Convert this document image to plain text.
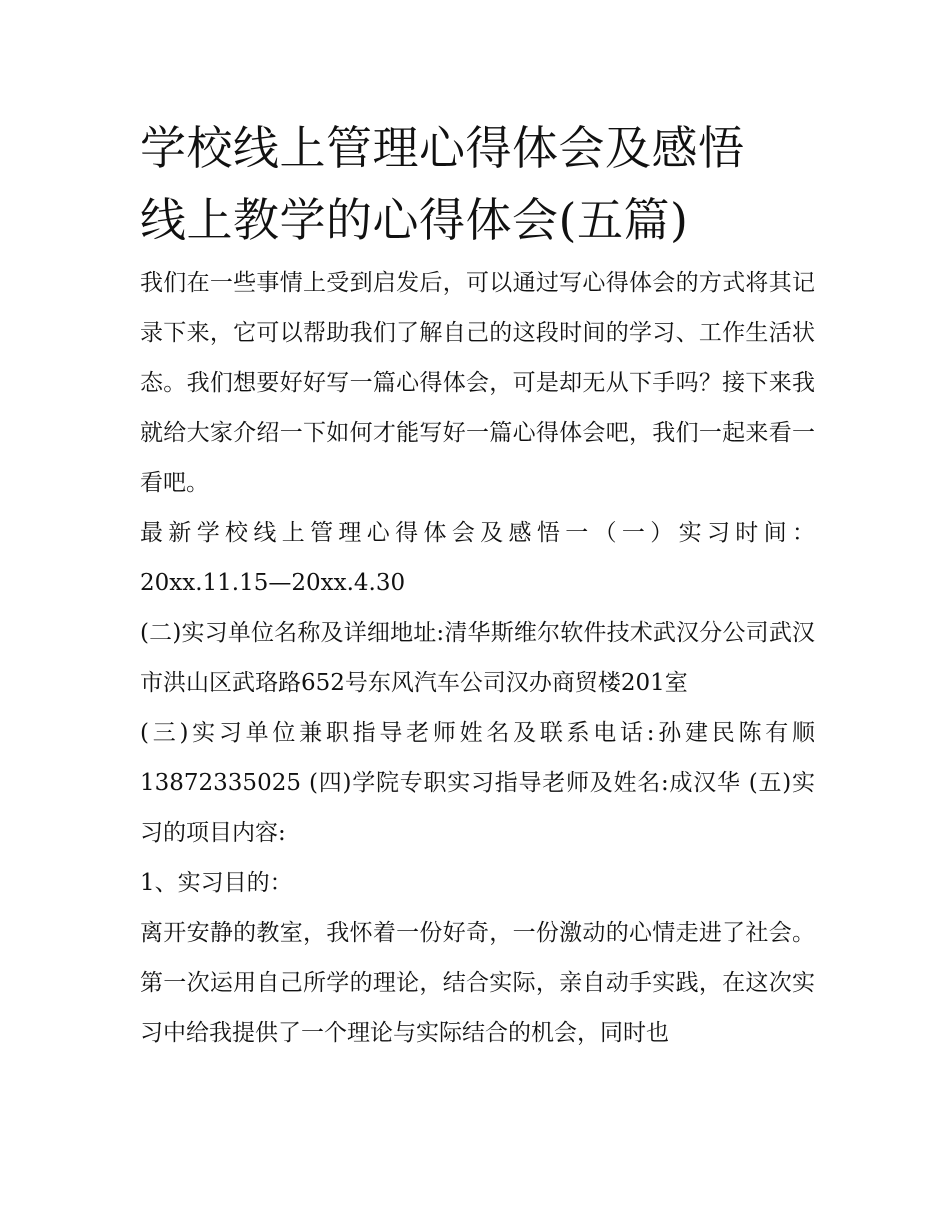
学校线上管理心得体会及感悟
线上教学的心得体会(五篇)

我们在一些事情上受到启发后，可以通过写心得体会的方式将其记录下来，它可以帮助我们了解自己的这段时间的学习、工作生活状态。我们想要好好写一篇心得体会，可是却无从下手吗？接下来我就给大家介绍一下如何才能写好一篇心得体会吧，我们一起来看一看吧。

最新学校线上管理心得体会及感悟一（一）实习时间：20xx.11.15—20xx.4.30

(二)实习单位名称及详细地址:清华斯维尔软件技术武汉分公司武汉市洪山区武珞路652号东风汽车公司汉办商贸楼201室

(三)实习单位兼职指导老师姓名及联系电话:孙建民陈有顺13872335025 (四)学院专职实习指导老师及姓名:成汉华 (五)实习的项目内容:

1、实习目的：

离开安静的教室，我怀着一份好奇，一份激动的心情走进了社会。第一次运用自己所学的理论，结合实际，亲自动手实践，在这次实习中给我提供了一个理论与实际结合的机会，同时也
